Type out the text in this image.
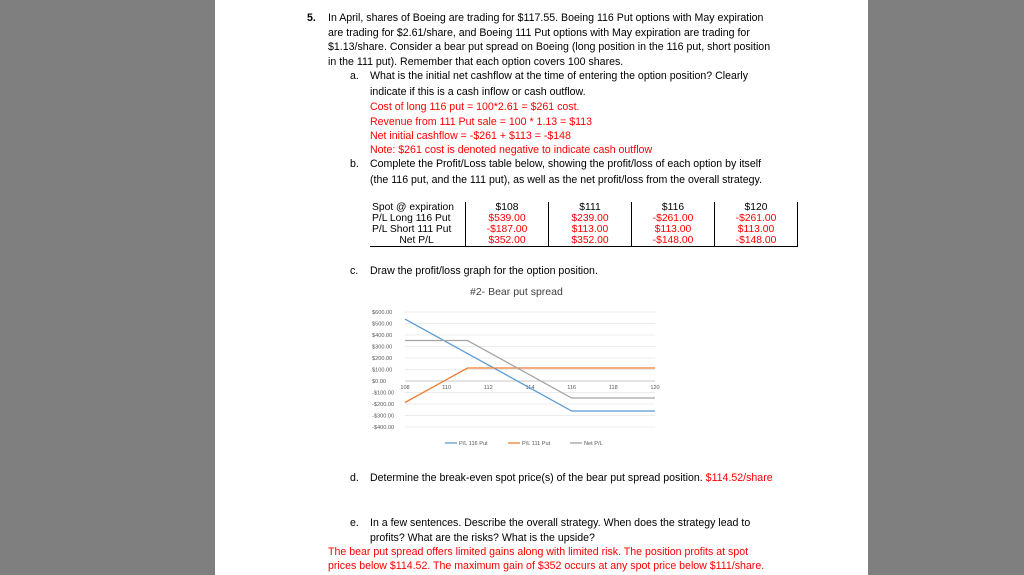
5. In April, shares of Boeing are trading for $117.55. Boeing 116 Put options with May expiration
are trading for $2.61/share, and Boeing 111 Put options with May expiration are trading for
$1.13/share. Consider a bear put spread on Boeing (long position in the 116 put, short position
in the 111 put). Remember that each option covers 100 shares.
a. What is the initial net cashflow at the time of entering the option position? Clearly
indicate if this is a cash inflow or cash outflow.
Cost of long 116 put = 100*2.61 = $261 cost.
Revenue from 111 Put sale = 100 * 1.13 = $113
Net initial cashflow = -$261 + $113 = -$148
Note: $261 cost is denoted negative to indicate cash outflow
b. Complete the Profit/Loss table below, showing the profit/loss of each option by itself
(the 116 put, and the 111 put), as well as the net profit/loss from the overall strategy.
Spot @ expiration	$108	$111	$116	$120
P/L Long 116 Put	$539.00	$239.00	-$261.00	-$261.00
P/L Short 111 Put	-$187.00	$113.00	$113.00	$113.00
Net P/L	$352.00	$352.00	-$148.00	-$148.00
c. Draw the profit/loss graph for the option position.
#2- Bear put spread
$600.00
$500.00
$400.00
$300.00
$200.00
$100.00
$0.00
-$100.00
-$200.00
-$300.00
-$400.00
108	110	112	114	116	118	120
P/L 116 Put	P/L 111 Put	Net P/L
d. Determine the break-even spot price(s) of the bear put spread position. $114.52/share
e. In a few sentences. Describe the overall strategy. When does the strategy lead to
profits? What are the risks? What is the upside?
The bear put spread offers limited gains along with limited risk. The position profits at spot
prices below $114.52. The maximum gain of $352 occurs at any spot price below $111/share.
